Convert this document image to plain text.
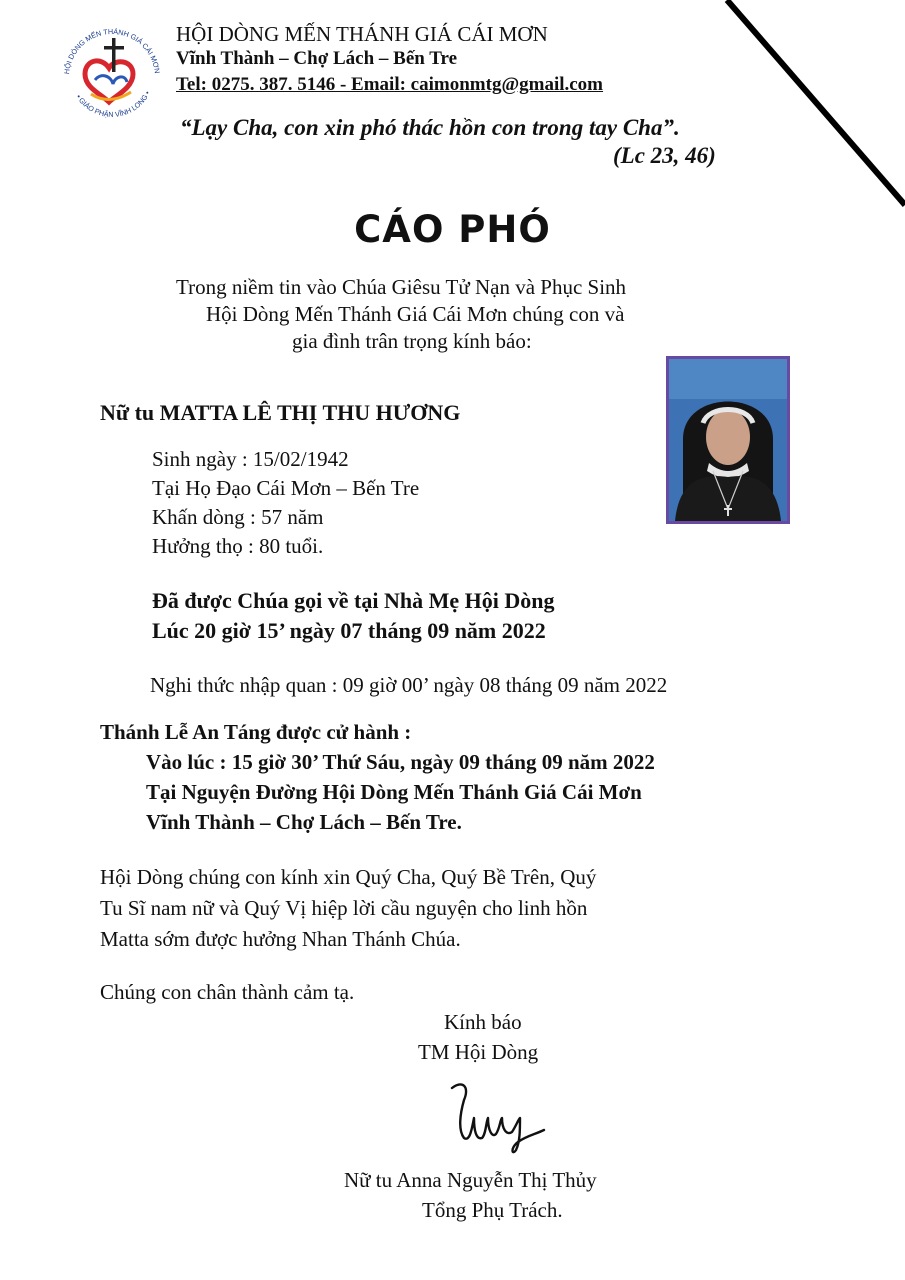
HỘI DÒNG MẾN THÁNH GIÁ CÁI MƠN
• GIÁO PHẬN VĨNH LONG •
HỘI DÒNG MẾN THÁNH GIÁ CÁI MƠN
Vĩnh Thành – Chợ Lách – Bến Tre
Tel: 0275. 387. 5146 - Email: caimonmtg@gmail.com
“Lạy Cha, con xin phó thác hồn con trong tay Cha”.
(Lc 23, 46)
CÁO PHÓ
Trong niềm tin vào Chúa Giêsu Tử Nạn và Phục Sinh
Hội Dòng Mến Thánh Giá Cái Mơn chúng con và
gia đình trân trọng kính báo:
Nữ tu MATTA LÊ THỊ THU HƯƠNG
Sinh ngày : 15/02/1942
Tại Họ Đạo Cái Mơn – Bến Tre
Khấn dòng : 57 năm
Hưởng thọ : 80 tuổi.
Đã được Chúa gọi về tại Nhà Mẹ Hội Dòng
Lúc 20 giờ 15’ ngày 07 tháng 09 năm 2022
Nghi thức nhập quan : 09 giờ 00’ ngày 08 tháng 09 năm 2022
Thánh Lễ An Táng được cử hành :
Vào lúc : 15 giờ 30’ Thứ Sáu, ngày 09 tháng 09 năm 2022
Tại Nguyện Đường Hội Dòng Mến Thánh Giá Cái Mơn
Vĩnh Thành – Chợ Lách – Bến Tre.
Hội Dòng chúng con kính xin Quý Cha, Quý Bề Trên, Quý
Tu Sĩ nam nữ và Quý Vị hiệp lời cầu nguyện cho linh hồn
Matta sớm được hưởng Nhan Thánh Chúa.
Chúng con chân thành cảm tạ.
Kính báo
TM Hội Dòng
Nữ tu Anna Nguyễn Thị Thủy
Tổng Phụ Trách.
